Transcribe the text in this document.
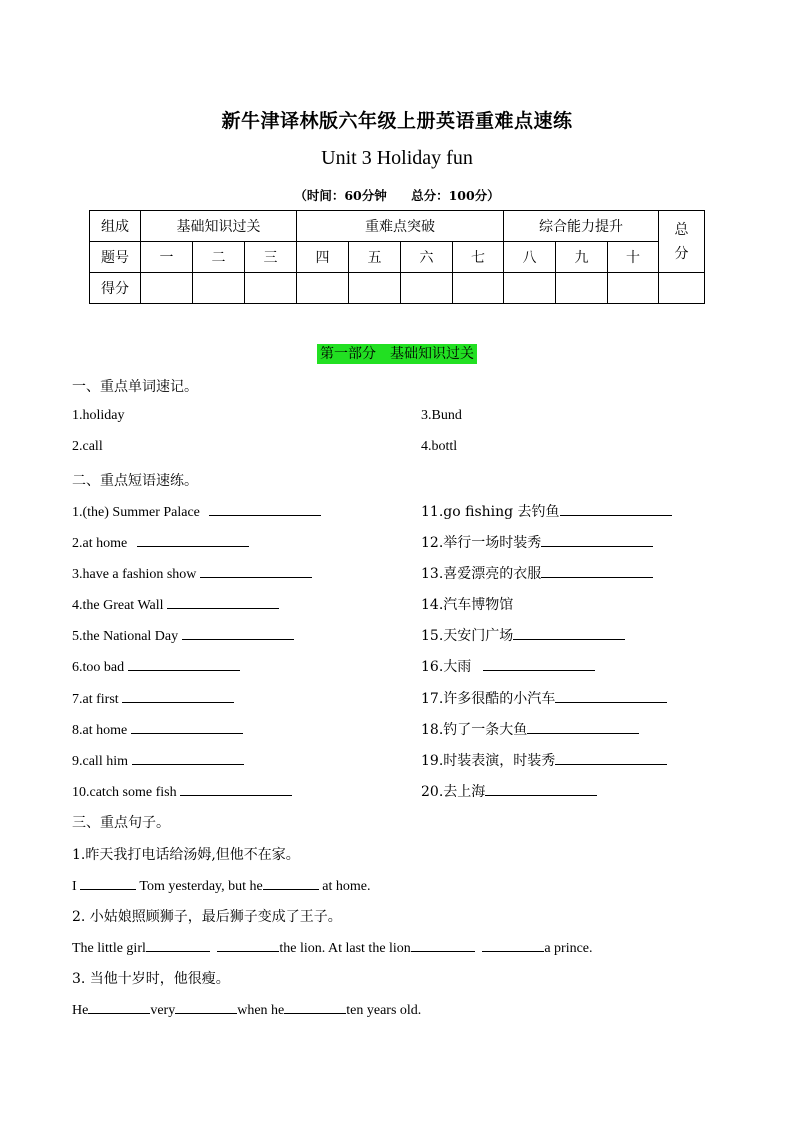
新牛津译林版六年级上册英语重难点速练
Unit 3 Holiday fun
（时间：60分钟 总分：100分）
组成	基础知识过关			重难点突破				综合能力提升			总分
题号	一	二	三	四	五	六	七	八	九	十	
得分											
第一部分　基础知识过关
一、重点单词速记。
1.holiday	3.Bund
2.call	4.bottl
二、重点短语速练。
1.(the) Summer Palace
2.at home
3.have a fashion show
4.the Great Wall
5.the National Day
6.too bad
7.at first
8.at home
9.call him
10.catch some fish
11.go fishing 去钓鱼
12.举行一场时装秀
13.喜爱漂亮的衣服
14.汽车博物馆
15.天安门广场
16.大雨
17.许多很酷的小汽车
18.钓了一条大鱼
19.时装表演，时装秀
20.去上海
三、重点句子。
1.昨天我打电话给汤姆,但他不在家。
I	Tom yesterday, but he	at home.
2. 小姑娘照顾狮子，最后狮子变成了王子。
The little girl	the lion. At last the lion	a prince.
3. 当他十岁时，他很瘦。
He	very	when he	ten years old.
